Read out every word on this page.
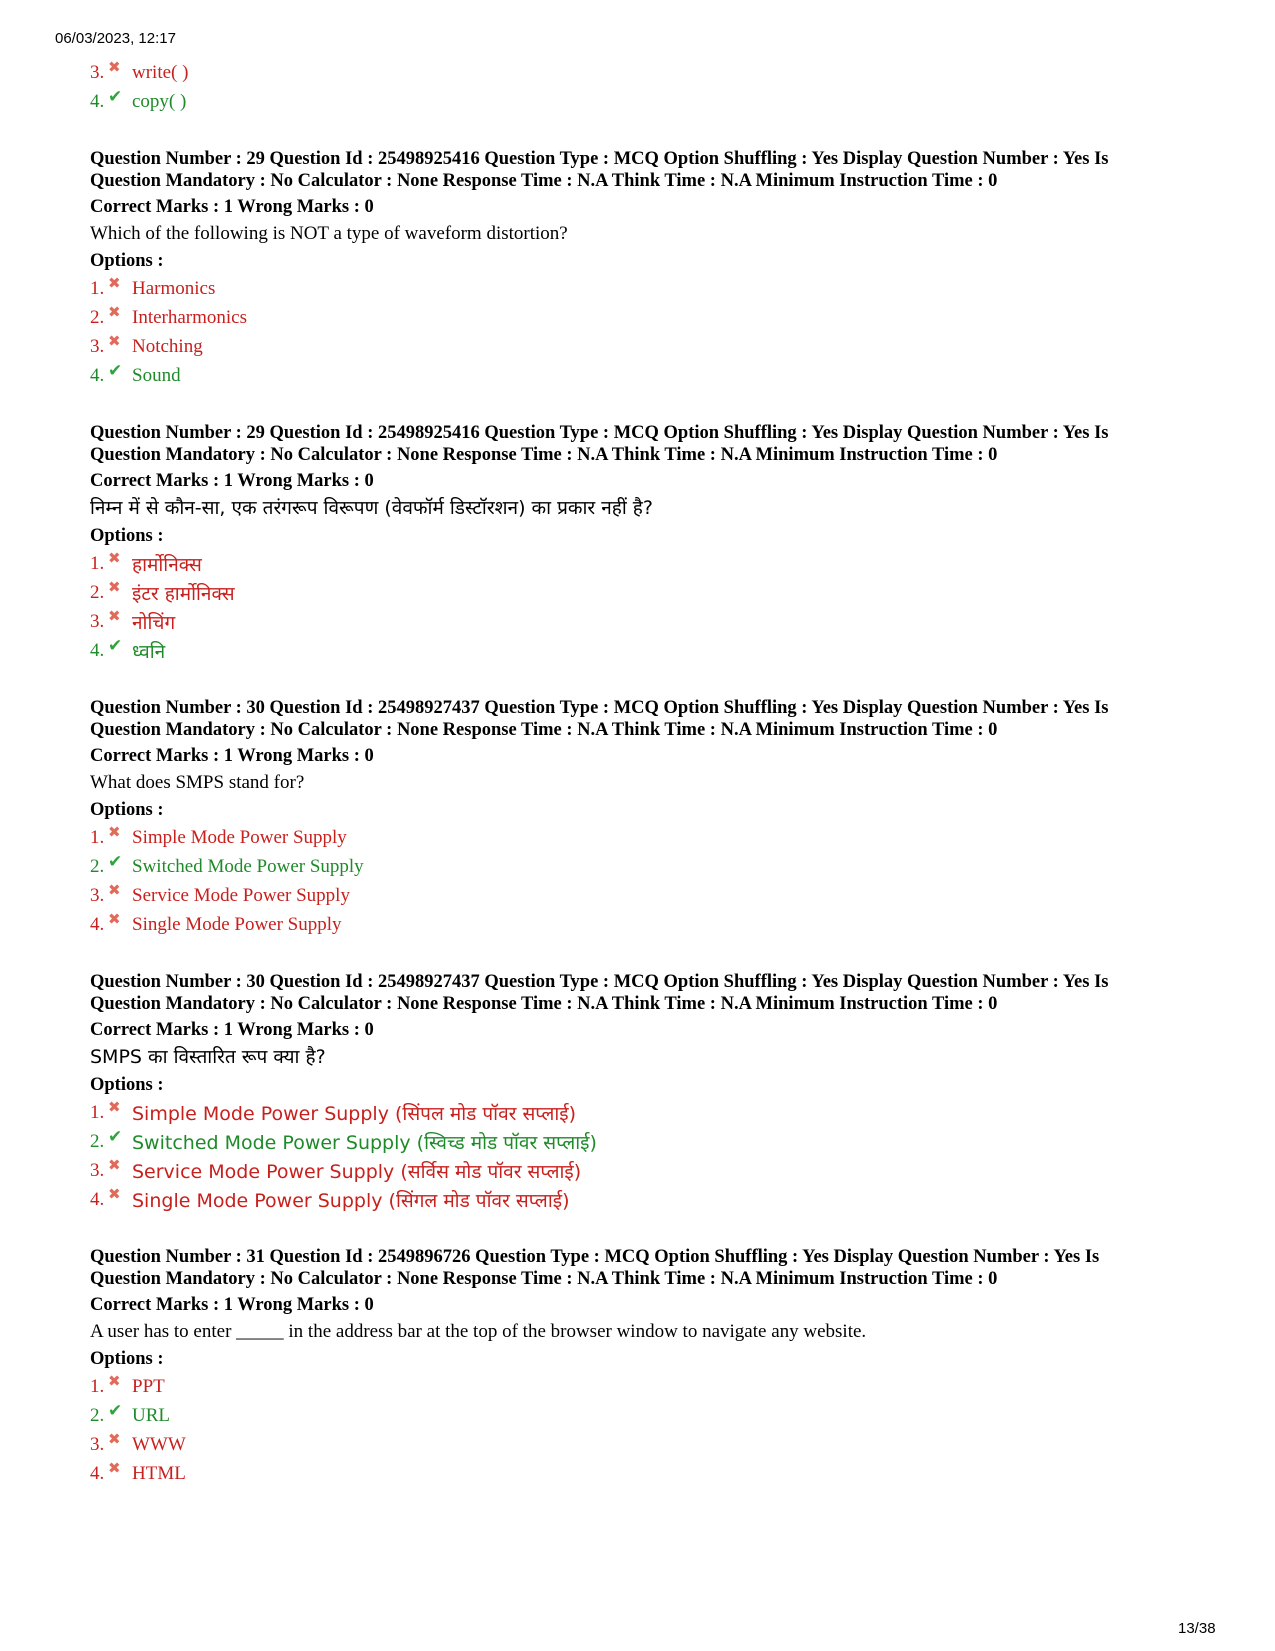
06/03/2023, 12:17
3. ✖ write( )
4. ✔ copy( )

Question Number : 29 Question Id : 25498925416 Question Type : MCQ Option Shuffling : Yes Display Question Number : Yes Is

Question Mandatory : No Calculator : None Response Time : N.A Think Time : N.A Minimum Instruction Time : 0

Correct Marks : 1 Wrong Marks : 0

Which of the following is NOT a type of waveform distortion?

Options :

1. ✖ Harmonics
2. ✖ Interharmonics
3. ✖ Notching
4. ✔ Sound

Question Number : 29 Question Id : 25498925416 Question Type : MCQ Option Shuffling : Yes Display Question Number : Yes Is

Question Mandatory : No Calculator : None Response Time : N.A Think Time : N.A Minimum Instruction Time : 0

Correct Marks : 1 Wrong Marks : 0

निम्न में से कौन-सा, एक तरंगरूप विरूपण (वेवफॉर्म डिस्टॉरशन) का प्रकार नहीं है?

Options :

1. ✖ हार्मोनिक्स
2. ✖ इंटर हार्मोनिक्स
3. ✖ नोचिंग
4. ✔ ध्वनि

Question Number : 30 Question Id : 25498927437 Question Type : MCQ Option Shuffling : Yes Display Question Number : Yes Is

Question Mandatory : No Calculator : None Response Time : N.A Think Time : N.A Minimum Instruction Time : 0

Correct Marks : 1 Wrong Marks : 0

What does SMPS stand for?

Options :

1. ✖ Simple Mode Power Supply
2. ✔ Switched Mode Power Supply
3. ✖ Service Mode Power Supply
4. ✖ Single Mode Power Supply

Question Number : 30 Question Id : 25498927437 Question Type : MCQ Option Shuffling : Yes Display Question Number : Yes Is

Question Mandatory : No Calculator : None Response Time : N.A Think Time : N.A Minimum Instruction Time : 0

Correct Marks : 1 Wrong Marks : 0

SMPS का विस्तारित रूप क्या है?

Options :

1. ✖ Simple Mode Power Supply (सिंपल मोड पॉवर सप्लाई)
2. ✔ Switched Mode Power Supply (स्विच्ड मोड पॉवर सप्लाई)
3. ✖ Service Mode Power Supply (सर्विस मोड पॉवर सप्लाई)
4. ✖ Single Mode Power Supply (सिंगल मोड पॉवर सप्लाई)

Question Number : 31 Question Id : 2549896726 Question Type : MCQ Option Shuffling : Yes Display Question Number : Yes Is

Question Mandatory : No Calculator : None Response Time : N.A Think Time : N.A Minimum Instruction Time : 0

Correct Marks : 1 Wrong Marks : 0

A user has to enter _____ in the address bar at the top of the browser window to navigate any website.

Options :

1. ✖ PPT
2. ✔ URL
3. ✖ WWW
4. ✖ HTML
13/38
